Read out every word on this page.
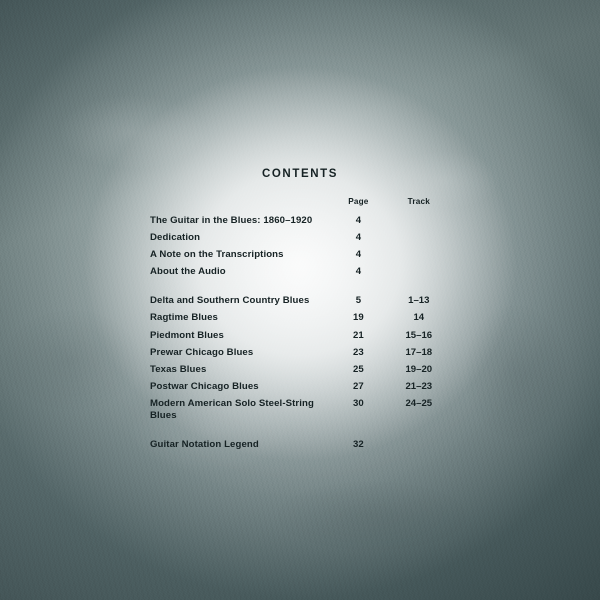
CONTENTS
	Page	Track
The Guitar in the Blues: 1860–1920	4	
Dedication	4	
A Note on the Transcriptions	4	
About the Audio	4	

Delta and Southern Country Blues	5	1–13
Ragtime Blues	19	14
Piedmont Blues	21	15–16
Prewar Chicago Blues	23	17–18
Texas Blues	25	19–20
Postwar Chicago Blues	27	21–23
Modern American Solo Steel-String Blues	30	24–25

Guitar Notation Legend	32	
